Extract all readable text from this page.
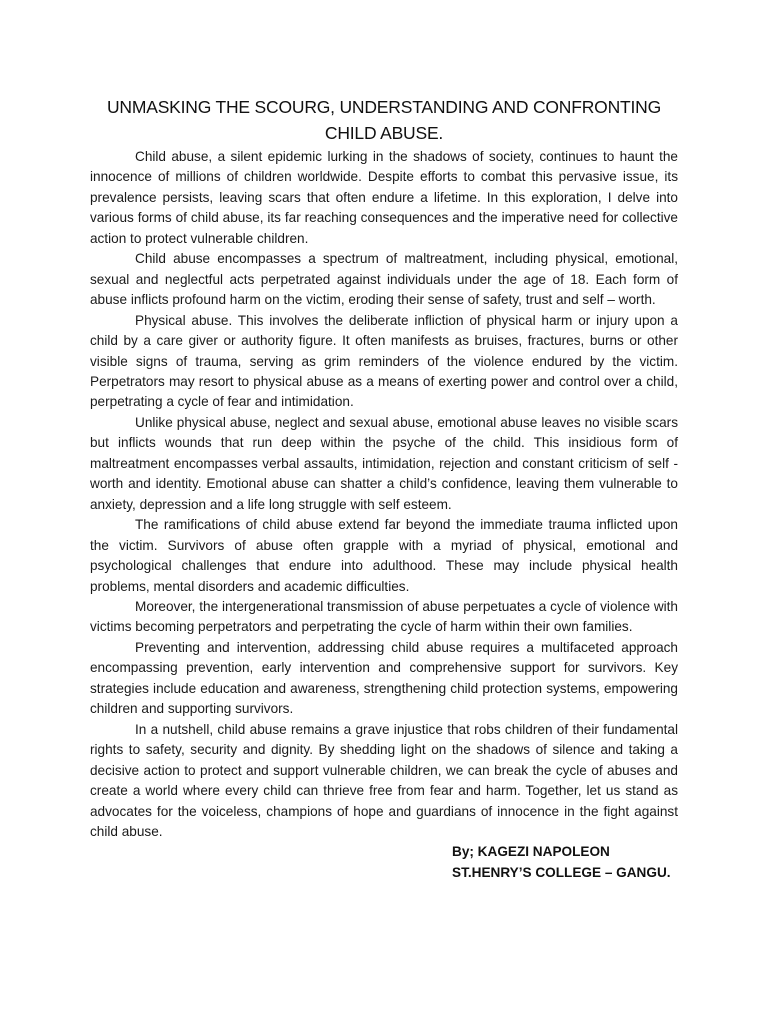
UNMASKING THE SCOURG, UNDERSTANDING AND CONFRONTING
CHILD ABUSE.

Child abuse, a silent epidemic lurking in the shadows of society, continues to haunt the innocence of millions of children worldwide. Despite efforts to combat this pervasive issue, its prevalence persists, leaving scars that often endure a lifetime. In this exploration, I delve into various forms of child abuse, its far reaching consequences and the imperative need for collective action to protect vulnerable children.

Child abuse encompasses a spectrum of maltreatment, including physical, emotional, sexual and neglectful acts perpetrated against individuals under the age of 18. Each form of abuse inflicts profound harm on the victim, eroding their sense of safety, trust and self – worth.

Physical abuse. This involves the deliberate infliction of physical harm or injury upon a child by a care giver or authority figure. It often manifests as bruises, fractures, burns or other visible signs of trauma, serving as grim reminders of the violence endured by the victim. Perpetrators may resort to physical abuse as a means of exerting power and control over a child, perpetrating a cycle of fear and intimidation.

Unlike physical abuse, neglect and sexual abuse, emotional abuse leaves no visible scars but inflicts wounds that run deep within the psyche of the child. This insidious form of maltreatment encompasses verbal assaults, intimidation, rejection and constant criticism of self - worth and identity. Emotional abuse can shatter a child’s confidence, leaving them vulnerable to anxiety, depression and a life long struggle with self esteem.

The ramifications of child abuse extend far beyond the immediate trauma inflicted upon the victim. Survivors of abuse often grapple with a myriad of physical, emotional and psychological challenges that endure into adulthood. These may include physical health problems, mental disorders and academic difficulties.

Moreover, the intergenerational transmission of abuse perpetuates a cycle of violence with victims becoming perpetrators and perpetrating the cycle of harm within their own families.

Preventing and intervention, addressing child abuse requires a multifaceted approach encompassing prevention, early intervention and comprehensive support for survivors. Key strategies include education and awareness, strengthening child protection systems, empowering children and supporting survivors.

In a nutshell, child abuse remains a grave injustice that robs children of their fundamental rights to safety, security and dignity. By shedding light on the shadows of silence and taking a decisive action to protect and support vulnerable children, we can break the cycle of abuses and create a world where every child can thrieve free from fear and harm. Together, let us stand as advocates for the voiceless, champions of hope and guardians of innocence in the fight against child abuse.

By; KAGEZI NAPOLEON
ST.HENRY’S COLLEGE – GANGU.
